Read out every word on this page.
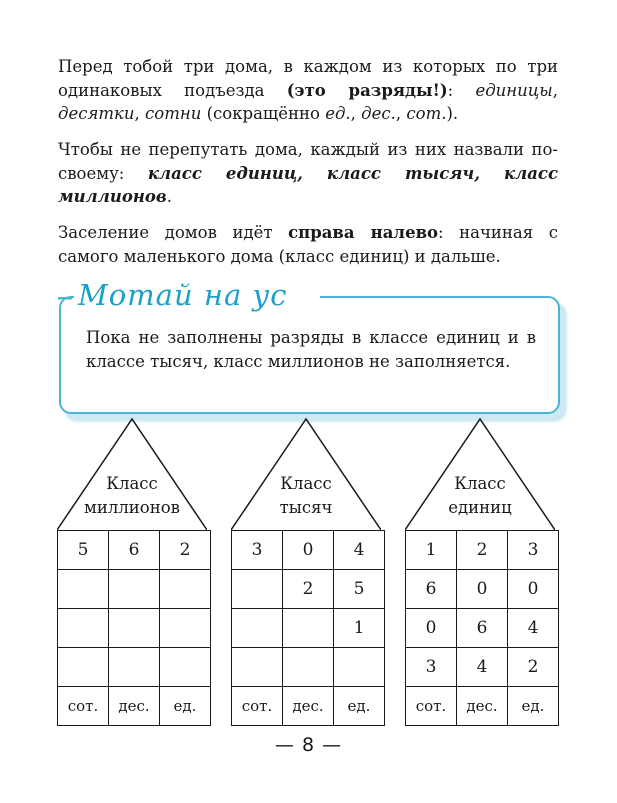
Перед тобой три дома, в каждом из которых по три одинаковых подъезда (это разряды!): единицы, десятки, сотни (сокращённо ед., дес., сот.).

Чтобы не перепутать дома, каждый из них назвали по-своему: класс единиц, класс тысяч, класс миллионов.

Заселение домов идёт справа налево: начиная с самого маленького дома (класс единиц) и дальше.

Мотай на ус

Пока не заполнены разряды в классе единиц и в классе тысяч, класс миллионов не заполняется.

Класс
миллионов
5	6	2

сот.	дес.	ед.
Класс
тысяч
3	0	4
	2	5
		1

сот.	дес.	ед.
Класс
единиц
1	2	3
6	0	0
0	6	4
3	4	2
сот.	дес.	ед.
— 8 —
